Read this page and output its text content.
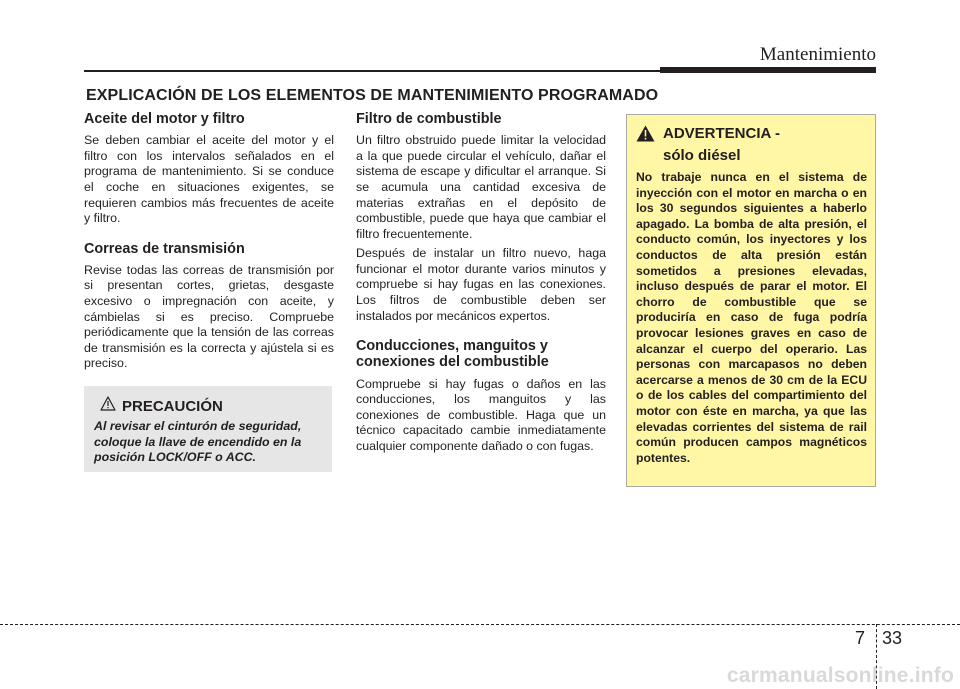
Mantenimiento
EXPLICACIÓN DE LOS ELEMENTOS DE MANTENIMIENTO PROGRAMADO
Aceite del motor y filtro

Se deben cambiar el aceite del motor y el filtro con los intervalos señalados en el programa de mantenimiento. Si se conduce el coche en situaciones exigentes, se requieren cambios más frecuentes de aceite y filtro.

Correas de transmisión

Revise todas las correas de transmisión por si presentan cortes, grietas, desgaste excesivo o impregnación con aceite, y cámbielas si es preciso. Compruebe periódicamente que la tensión de las correas de transmisión es la correcta y ajústela si es preciso.

PRECAUCIÓN
Al revisar el cinturón de seguridad, coloque la llave de encendido en la posición LOCK/OFF o ACC.
Filtro de combustible

Un filtro obstruido puede limitar la velocidad a la que puede circular el vehículo, dañar el sistema de escape y dificultar el arranque. Si se acumula una cantidad excesiva de materias extrañas en el depósito de combustible, puede que haya que cambiar el filtro frecuentemente.

Después de instalar un filtro nuevo, haga funcionar el motor durante varios minutos y compruebe si hay fugas en las conexiones. Los filtros de combustible deben ser instalados por mecánicos expertos.

Conducciones, manguitos y conexiones del combustible

Compruebe si hay fugas o daños en las conducciones, los manguitos y las conexiones de combustible. Haga que un técnico capacitado cambie inmediatamente cualquier componente dañado o con fugas.

ADVERTENCIA -
sólo diésel
No trabaje nunca en el sistema de inyección con el motor en marcha o en los 30 segundos siguientes a haberlo apagado. La bomba de alta presión, el conducto común, los inyectores y los conductos de alta presión están sometidos a presiones elevadas, incluso después de parar el motor. El chorro de combustible que se produciría en caso de fuga podría provocar lesiones graves en caso de alcanzar el cuerpo del operario. Las personas con marcapasos no deben acercarse a menos de 30 cm de la ECU o de los cables del compartimiento del motor con éste en marcha, ya que las elevadas corrientes del sistema de rail común producen campos magnéticos potentes.
7 33
carmanualsonline.info
